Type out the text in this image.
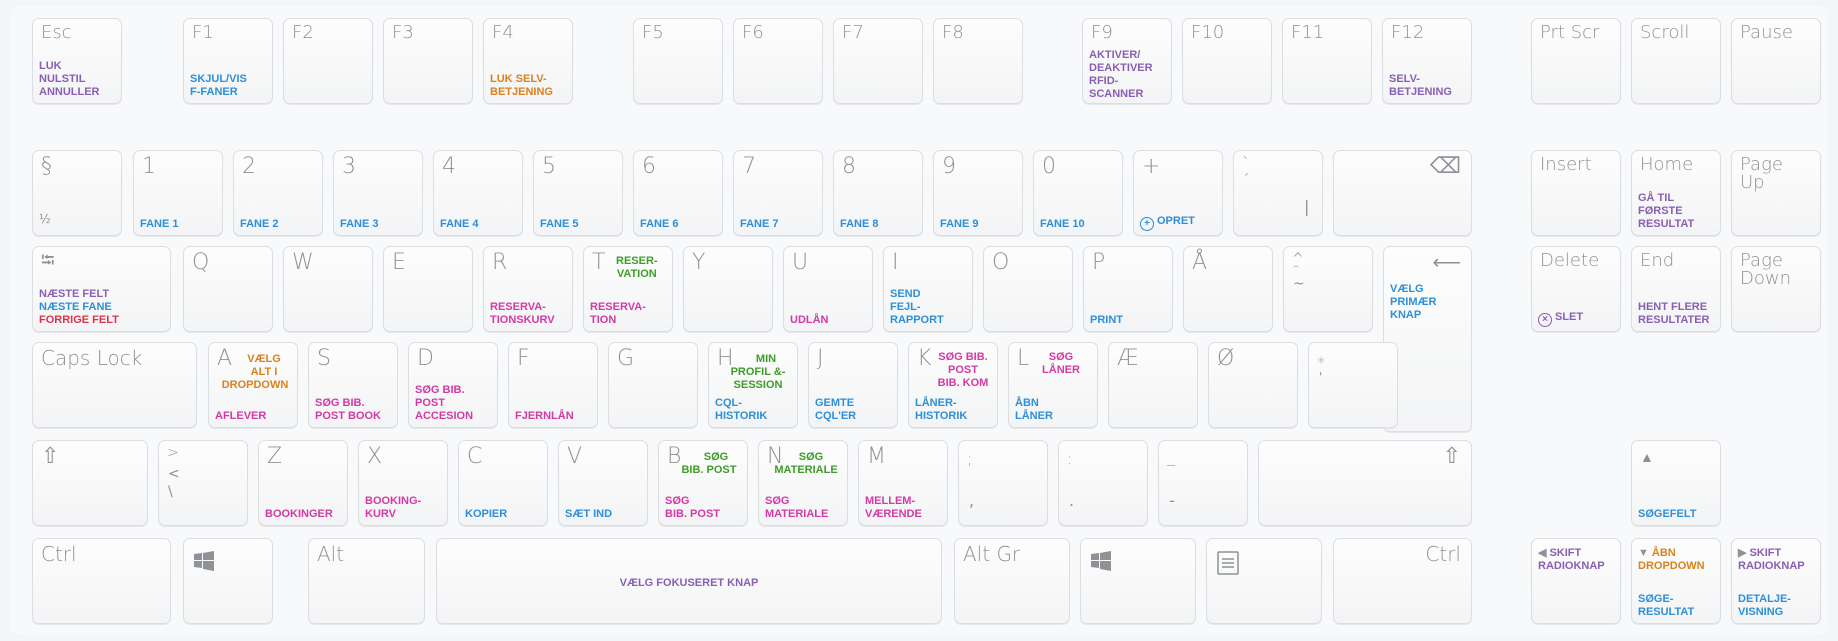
Esc
LUK
NULSTIL
ANNULLER
F1
SKJUL/VIS
F-FANER
F2	F3	F4
LUK SELV-
BETJENING
F5	F6	F7	F8	F9
AKTIVER/
DEAKTIVER
RFID-
SCANNER
F10	F11	F12
SELV-
BETJENING
Prt Scr Scroll	Pause
§
½
1
FANE 1
2
FANE 2
3
FANE 3
4
FANE 4
5
FANE 5
6
FANE 6
7
FANE 7
8
FANE 8
9
FANE 9
0
FANE 10
+
+ OPRET
`
´
|
⌫	Insert	Home
GÅ TIL
FØRSTE
RESULTAT
Page
Up
⭾
NÆSTE FELT
NÆSTE FANE
FORRIGE FELT
Q	W	E	R
RESERVA-
TIONSKURV
T RESER-
VATION
RESERVA-
TION
Y	U
UDLÅN
I
SEND
FEJL-
RAPPORT
O	P
PRINT
Å	^
¨
~
⟵
VÆLG
PRIMÆR
KNAP
Delete
× SLET
End
HENT FLERE
RESULTATER
Page
Down
Caps Lock	A	VÆLG
ALT I
DROPDOWN
AFLEVER
S
SØG BIB.
POST BOOK
D
SØG BIB.
POST
ACCESION
F
FJERNLÅN
G	H	MIN
PROFIL &-
SESSION
CQL-
HISTORIK
J
GEMTE
CQL'ER
K SØG BIB.
POST
BIB. KOM
LÅNER-
HISTORIK
L	SØG
LÅNER
ÅBN
LÅNER
Æ	Ø	*
'
⇧	>
<
\
Z
BOOKINGER
X
BOOKING-
KURV
C
KOPIER
V
SÆT IND
B	SØG
BIB. POST
SØG
BIB. POST
N	SØG
MATERIALE
SØG
MATERIALE
M
MELLEM-
VÆRENDE
;
,
:
.
_
-
⇧	▲
SØGEFELT
Ctrl	Alt
VÆLG FOKUSERET KNAP
Alt Gr	Ctrl	◀ SKIFT
RADIOKNAP
▼ ÅBN
DROPDOWN
SØGE-
RESULTAT
▶ SKIFT
RADIOKNAP
DETALJE-
VISNING
